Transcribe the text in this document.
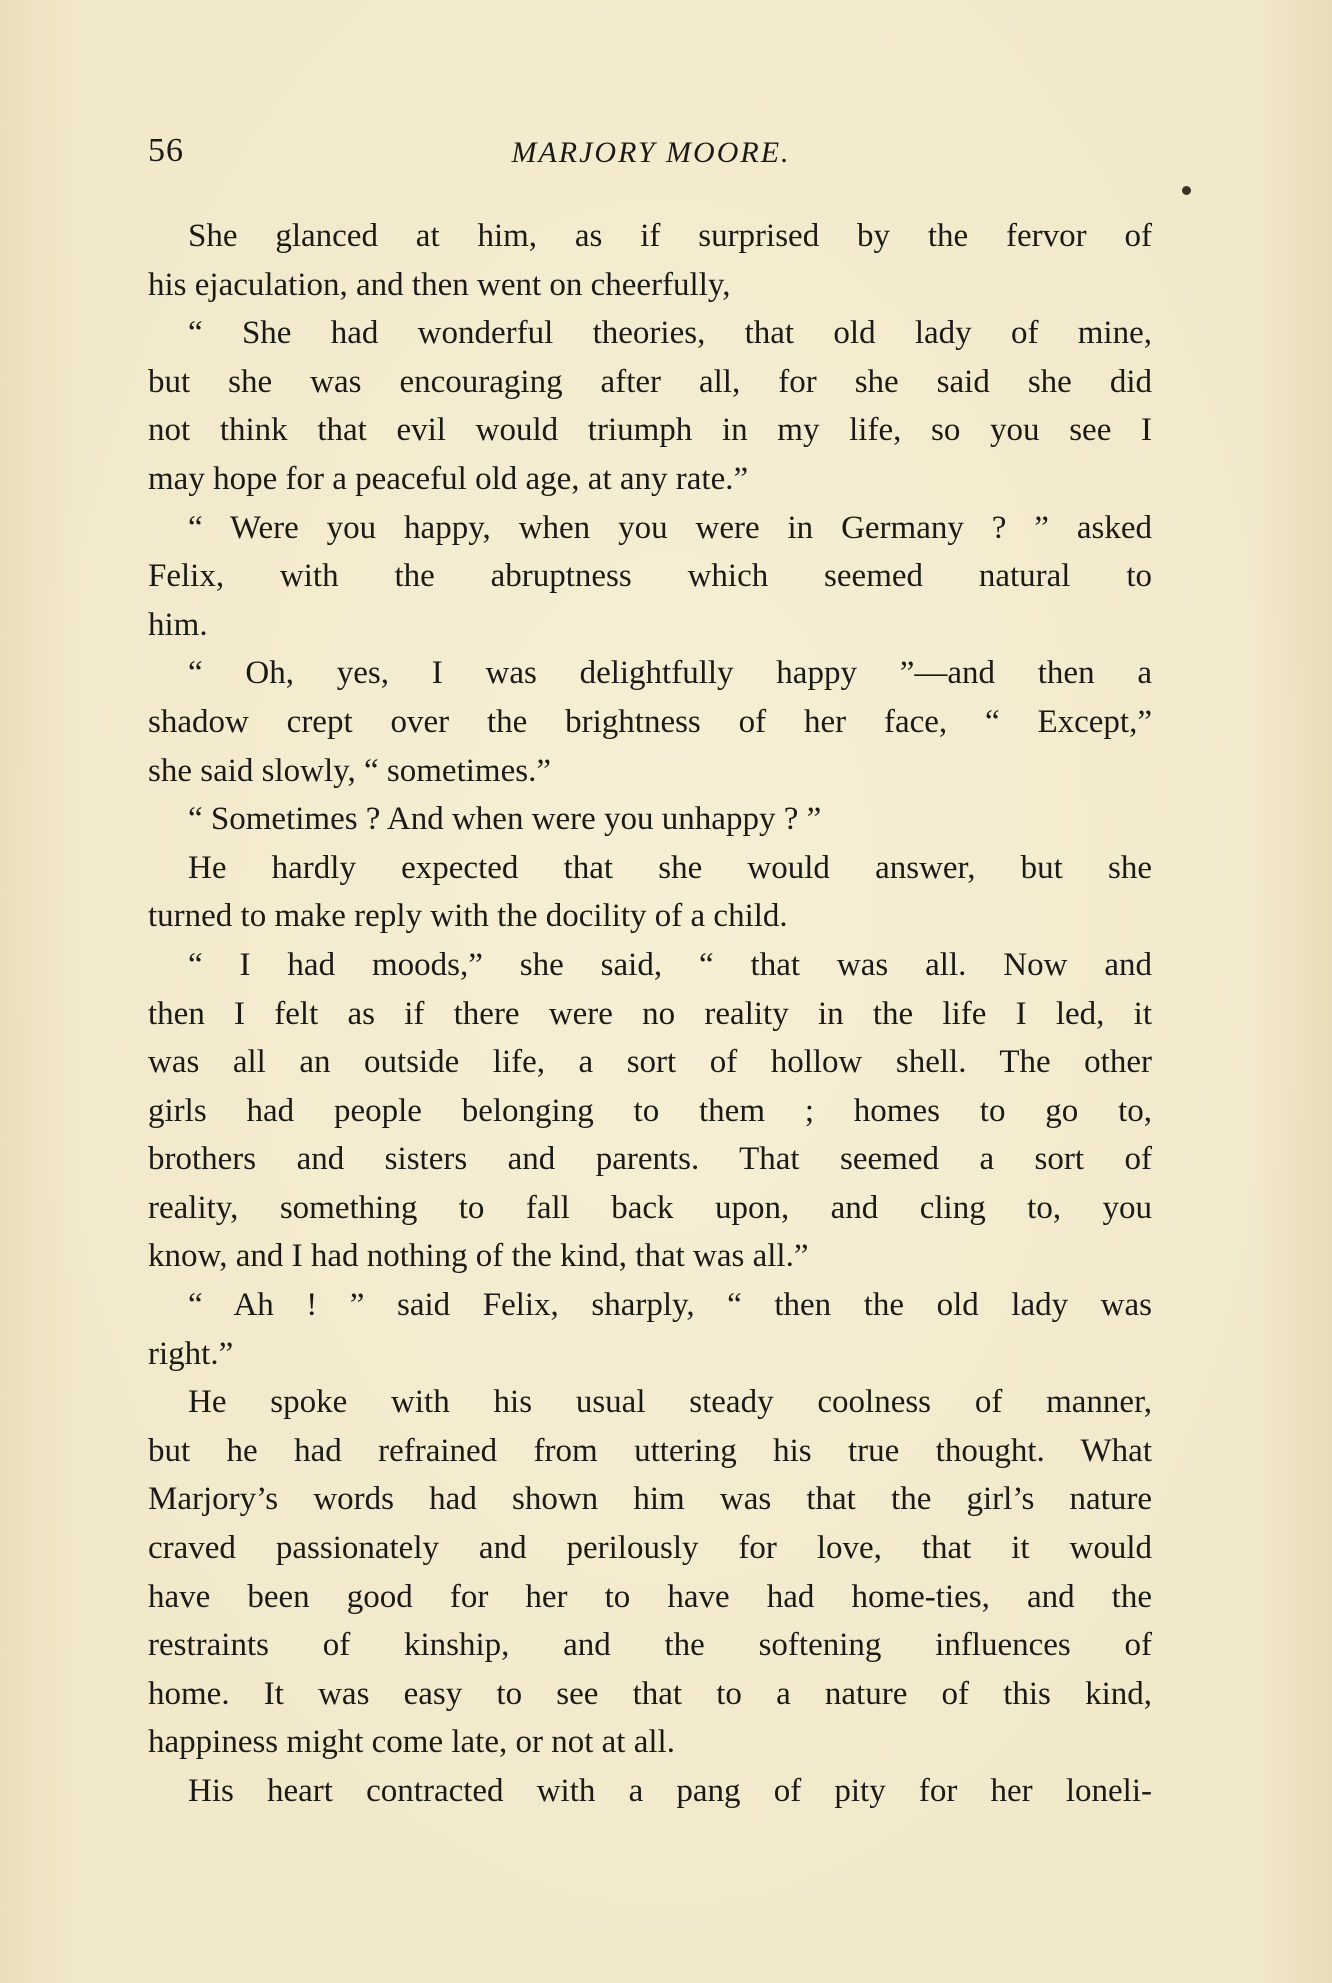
56	MARJORY MOORE.
She glanced at him, as if surprised by the fervor of
his ejaculation, and then went on cheerfully,
“ She had wonderful theories, that old lady of mine,
but she was encouraging after all, for she said she did
not think that evil would triumph in my life, so you see I
may hope for a peaceful old age, at any rate.”
“ Were you happy, when you were in Germany ? ” asked
Felix, with the abruptness which seemed natural to
him.
“ Oh, yes, I was delightfully happy ”—and then a
shadow crept over the brightness of her face, “ Except,”
she said slowly, “ sometimes.”
“ Sometimes ? And when were you unhappy ? ”
He hardly expected that she would answer, but she
turned to make reply with the docility of a child.
“ I had moods,” she said, “ that was all. Now and
then I felt as if there were no reality in the life I led, it
was all an outside life, a sort of hollow shell. The other
girls had people belonging to them ; homes to go to,
brothers and sisters and parents. That seemed a sort of
reality, something to fall back upon, and cling to, you
know, and I had nothing of the kind, that was all.”
“ Ah ! ” said Felix, sharply, “ then the old lady was
right.”
He spoke with his usual steady coolness of manner,
but he had refrained from uttering his true thought. What
Marjory’s words had shown him was that the girl’s nature
craved passionately and perilously for love, that it would
have been good for her to have had home-ties, and the
restraints of kinship, and the softening influences of
home. It was easy to see that to a nature of this kind,
happiness might come late, or not at all.
His heart contracted with a pang of pity for her loneli-
